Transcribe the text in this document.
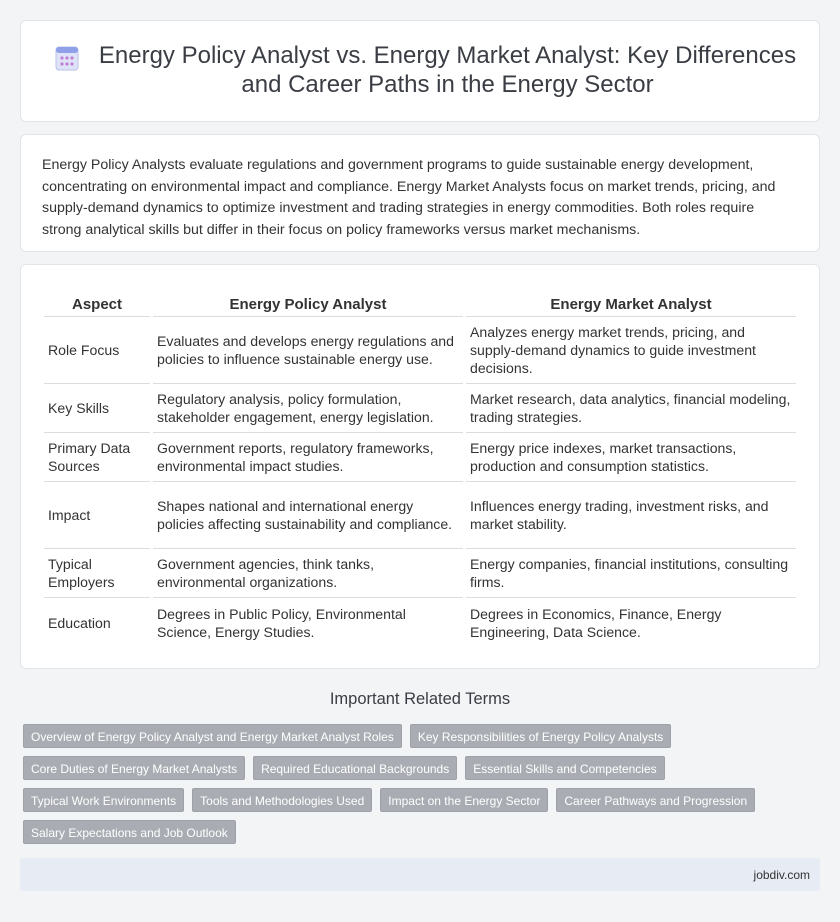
Energy Policy Analyst vs. Energy Market Analyst: Key Differences and Career Paths in the Energy Sector

Energy Policy Analysts evaluate regulations and government programs to guide sustainable energy development, concentrating on environmental impact and compliance. Energy Market Analysts focus on market trends, pricing, and supply-demand dynamics to optimize investment and trading strategies in energy commodities. Both roles require strong analytical skills but differ in their focus on policy frameworks versus market mechanisms.

Aspect	Energy Policy Analyst	Energy Market Analyst
Role Focus	Evaluates and develops energy regulations and policies to influence sustainable energy use.	Analyzes energy market trends, pricing, and supply-demand dynamics to guide investment decisions.
Key Skills	Regulatory analysis, policy formulation, stakeholder engagement, energy legislation.	Market research, data analytics, financial modeling, trading strategies.
Primary Data Sources	Government reports, regulatory frameworks, environmental impact studies.	Energy price indexes, market transactions, production and consumption statistics.
Impact	Shapes national and international energy policies affecting sustainability and compliance.	Influences energy trading, investment risks, and market stability.
Typical Employers	Government agencies, think tanks, environmental organizations.	Energy companies, financial institutions, consulting firms.
Education	Degrees in Public Policy, Environmental Science, Energy Studies.	Degrees in Economics, Finance, Energy Engineering, Data Science.
Important Related Terms
Overview of Energy Policy Analyst and Energy Market Analyst Roles	Key Responsibilities of Energy Policy Analysts
Core Duties of Energy Market Analysts	Required Educational Backgrounds	Essential Skills and Competencies
Typical Work Environments	Tools and Methodologies Used	Impact on the Energy Sector	Career Pathways and Progression
Salary Expectations and Job Outlook
jobdiv.com
